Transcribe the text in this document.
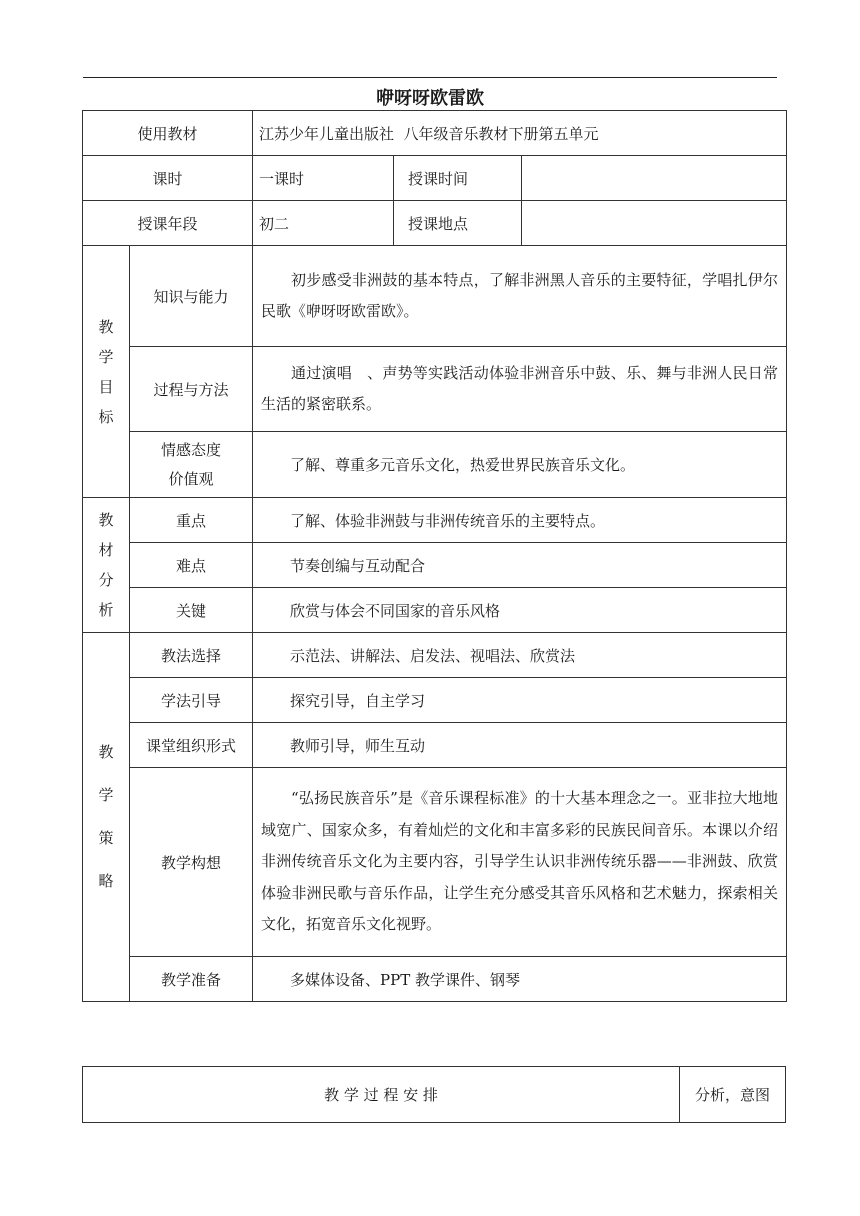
咿呀呀欧雷欧
使用教材		江苏少年儿童出版社  八年级音乐教材下册第五单元		
课时		一课时	授课时间	
授课年段		初二	授课地点	

教
学
目
标	知识与能力	初步感受非洲鼓的基本特点，了解非洲黑人音乐的主要特征，学唱扎伊尔民歌《咿呀呀欧雷欧》。		
	过程与方法	通过演唱　、声势等实践活动体验非洲音乐中鼓、乐、舞与非洲人民日常生活的紧密联系。		

	情感态度
价值观	了解、尊重多元音乐文化，热爱世界民族音乐文化。		

教
材
分
析	重点	了解、体验非洲鼓与非洲传统音乐的主要特点。		
	难点	节奏创编与互动配合		
	关键	欣赏与体会不同国家的音乐风格		

教
学
策
略	教法选择	示范法、讲解法、启发法、视唱法、欣赏法		
	学法引导	探究引导，自主学习		
	课堂组织形式	教师引导，师生互动		
	教学构想	“弘扬民族音乐”是《音乐课程标准》的十大基本理念之一。亚非拉大地地域宽广、国家众多，有着灿烂的文化和丰富多彩的民族民间音乐。本课以介绍非洲传统音乐文化为主要内容，引导学生认识非洲传统乐器——非洲鼓、欣赏体验非洲民歌与音乐作品，让学生充分感受其音乐风格和艺术魅力，探索相关文化，拓宽音乐文化视野。		
	教学准备	多媒体设备、PPT 教学课件、钢琴		
教 学 过 程 安 排	分析，意图
